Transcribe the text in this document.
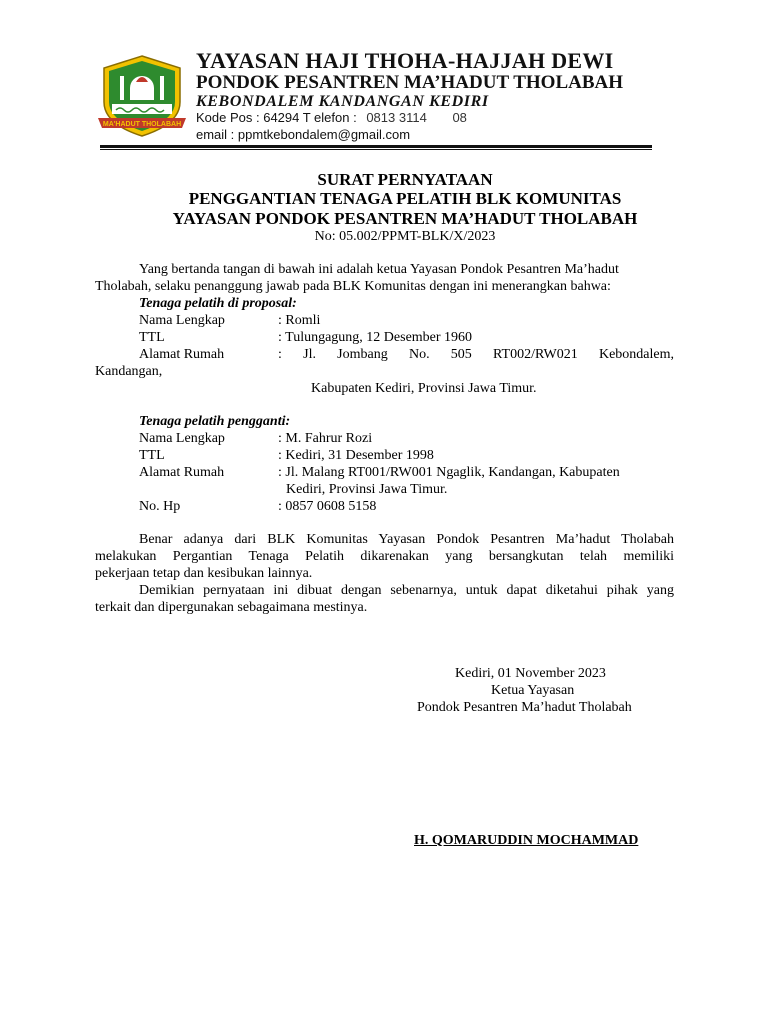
MA'HADUT THOLABAH
YAYASAN HAJI THOHA-HAJJAH DEWI
PONDOK PESANTREN MA’HADUT THOLABAH
KEBONDALEM KANDANGAN KEDIRI
Kode Pos : 64294 T elefon : 0813 3114 08
email : ppmtkebondalem@gmail.com
SURAT PERNYATAAN
PENGGANTIAN TENAGA PELATIH BLK KOMUNITAS
YAYASAN PONDOK PESANTREN MA’HADUT THOLABAH
No: 05.002/PPMT-BLK/X/2023
Yang bertanda tangan di bawah ini adalah ketua Yayasan Pondok Pesantren Ma’hadut
Tholabah, selaku penanggung jawab pada BLK Komunitas dengan ini menerangkan bahwa:
Tenaga pelatih di proposal:
Nama Lengkap	: Romli
TTL	: Tulungagung, 12 Desember 1960
Alamat Rumah	: Jl. Jombang No. 505 RT002/RW021 Kebondalem,
Kandangan,
Kabupaten Kediri, Provinsi Jawa Timur.
Tenaga pelatih pengganti:
Nama Lengkap	: M. Fahrur Rozi
TTL	: Kediri, 31 Desember 1998
Alamat Rumah	: Jl. Malang RT001/RW001 Ngaglik, Kandangan, Kabupaten
Kediri, Provinsi Jawa Timur.
No. Hp	: 0857 0608 5158
Benar adanya dari BLK Komunitas Yayasan Pondok Pesantren Ma’hadut Tholabah
melakukan Pergantian Tenaga Pelatih dikarenakan yang bersangkutan telah memiliki
pekerjaan tetap dan kesibukan lainnya.
Demikian pernyataan ini dibuat dengan sebenarnya, untuk dapat diketahui pihak yang
terkait dan dipergunakan sebagaimana mestinya.
Kediri, 01 November 2023
Ketua Yayasan
Pondok Pesantren Ma’hadut Tholabah
H. QOMARUDDIN MOCHAMMAD
